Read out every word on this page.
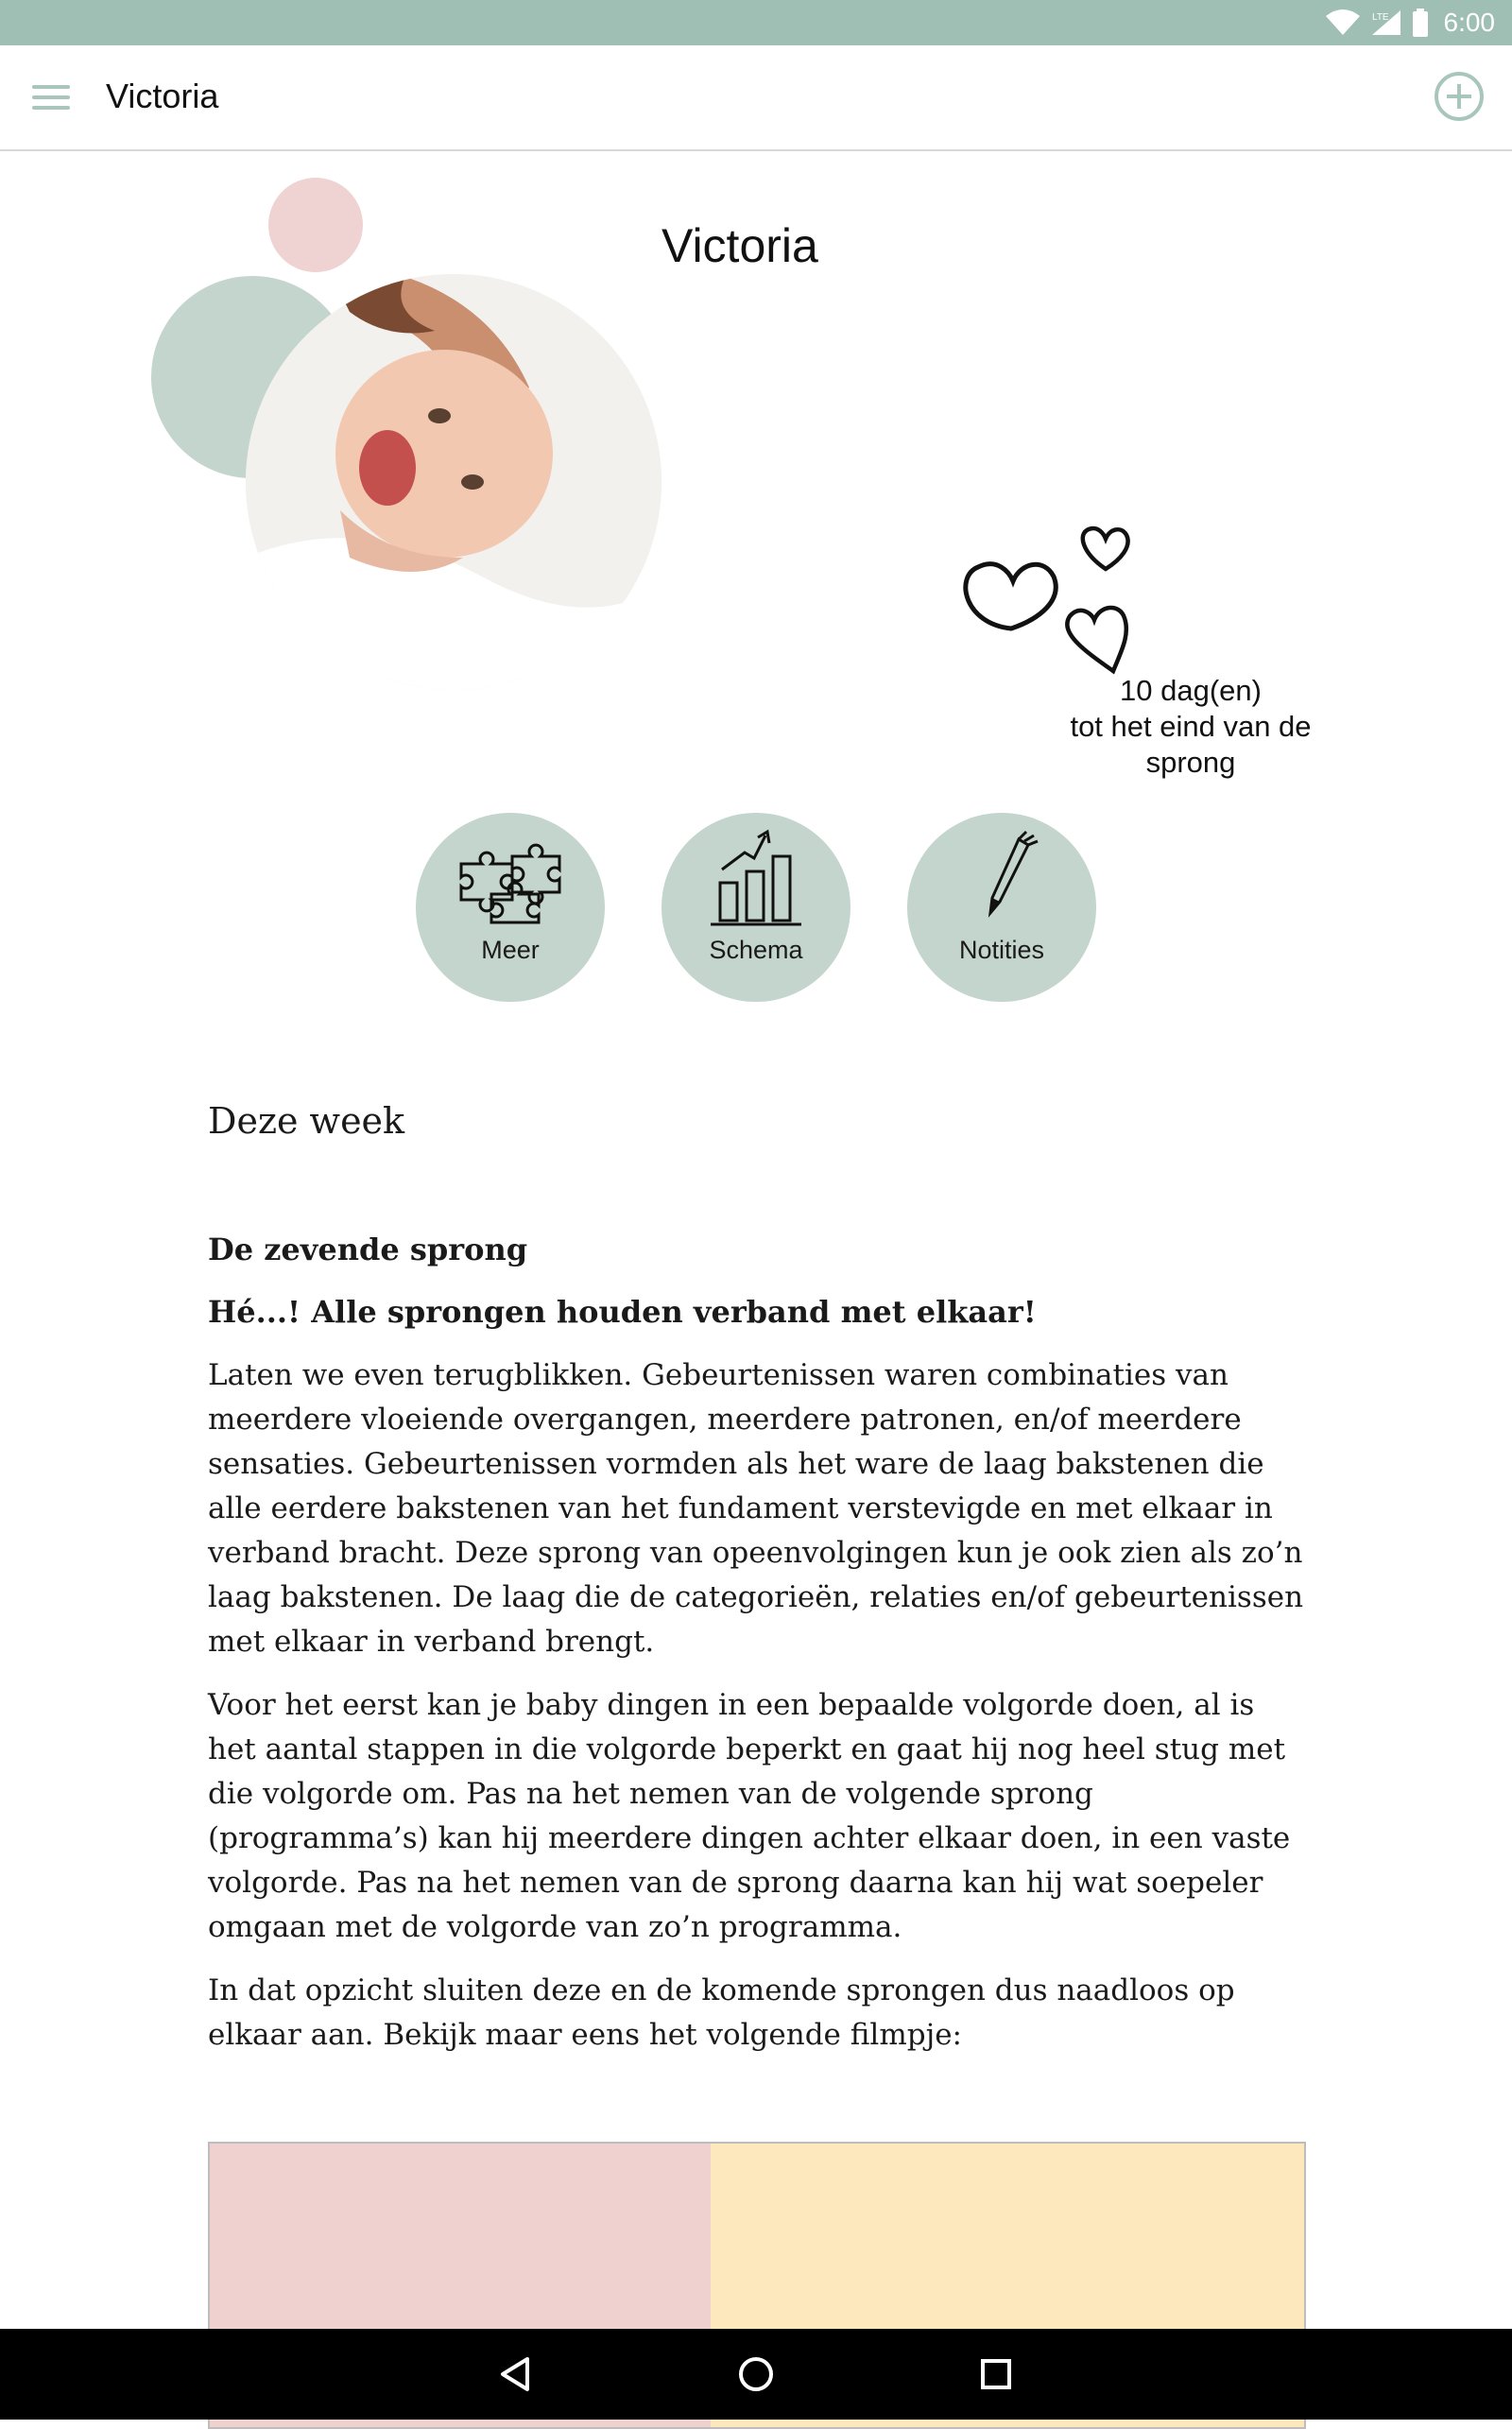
LTE 6:00
Victoria
Victoria
10 dag(en)
tot het eind van de
sprong
Meer	Schema	Notities
Deze week
De zevende sprong
Hé...! Alle sprongen houden verband met elkaar!

Laten we even terugblikken. Gebeurtenissen waren combinaties van meerdere vloeiende overgangen, meerdere patronen, en/of meerdere sensaties. Gebeurtenissen vormden als het ware de laag bakstenen die alle eerdere bakstenen van het fundament verstevigde en met elkaar in verband bracht. Deze sprong van opeenvolgingen kun je ook zien als zo’n laag bakstenen. De laag die de categorieën, relaties en/of gebeurtenissen met elkaar in verband brengt.

Voor het eerst kan je baby dingen in een bepaalde volgorde doen, al is het aantal stappen in die volgorde beperkt en gaat hij nog heel stug met die volgorde om. Pas na het nemen van de volgende sprong (programma’s) kan hij meerdere dingen achter elkaar doen, in een vaste volgorde. Pas na het nemen van de sprong daarna kan hij wat soepeler omgaan met de volgorde van zo’n programma.

In dat opzicht sluiten deze en de komende sprongen dus naadloos op elkaar aan. Bekijk maar eens het volgende filmpje:
